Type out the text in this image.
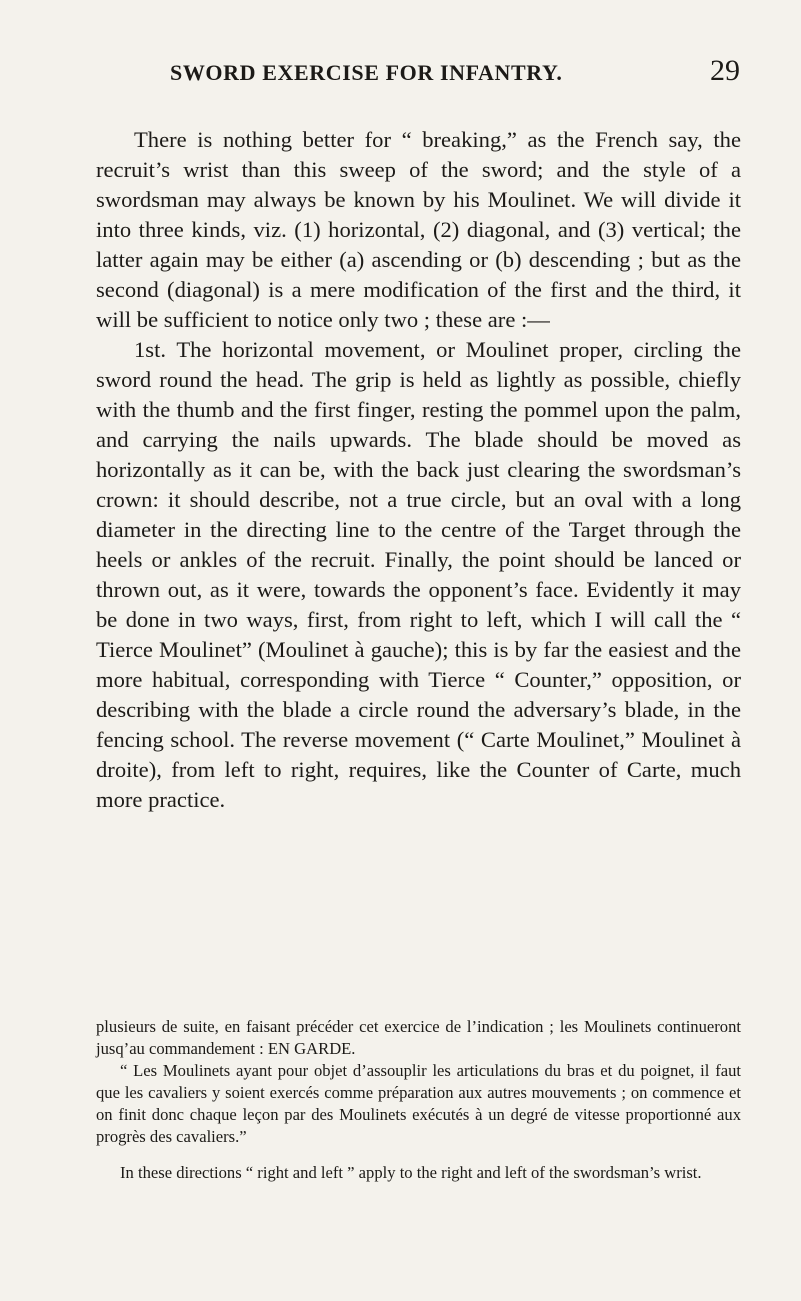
SWORD EXERCISE FOR INFANTRY.	29

There is nothing better for “ breaking,” as the French say, the recruit’s wrist than this sweep of the sword; and the style of a swordsman may always be known by his Moulinet. We will divide it into three kinds, viz. (1) horizontal, (2) diagonal, and (3) vertical; the latter again may be either (a) ascending or (b) descending ; but as the second (diagonal) is a mere modification of the first and the third, it will be sufficient to notice only two ; these are :—

1st. The horizontal movement, or Moulinet proper, circling the sword round the head. The grip is held as lightly as possible, chiefly with the thumb and the first finger, resting the pommel upon the palm, and carrying the nails upwards. The blade should be moved as horizontally as it can be, with the back just clearing the swordsman’s crown: it should describe, not a true circle, but an oval with a long diameter in the directing line to the centre of the Target through the heels or ankles of the recruit. Finally, the point should be lanced or thrown out, as it were, towards the opponent’s face. Evidently it may be done in two ways, first, from right to left, which I will call the “ Tierce Moulinet” (Moulinet à gauche); this is by far the easiest and the more habitual, corresponding with Tierce “ Counter,” opposition, or describing with the blade a circle round the adversary’s blade, in the fencing school. The reverse movement (“ Carte Moulinet,” Moulinet à droite), from left to right, requires, like the Counter of Carte, much more practice.

plusieurs de suite, en faisant précéder cet exercice de l’indication ; les Moulinets continueront jusq’au commandement : EN GARDE.

“ Les Moulinets ayant pour objet d’assouplir les articulations du bras et du poignet, il faut que les cavaliers y soient exercés comme préparation aux autres mouvements ; on commence et on finit donc chaque leçon par des Moulinets exécutés à un degré de vitesse proportionné aux progrès des cavaliers.”

In these directions “ right and left ” apply to the right and left of the swordsman’s wrist.
